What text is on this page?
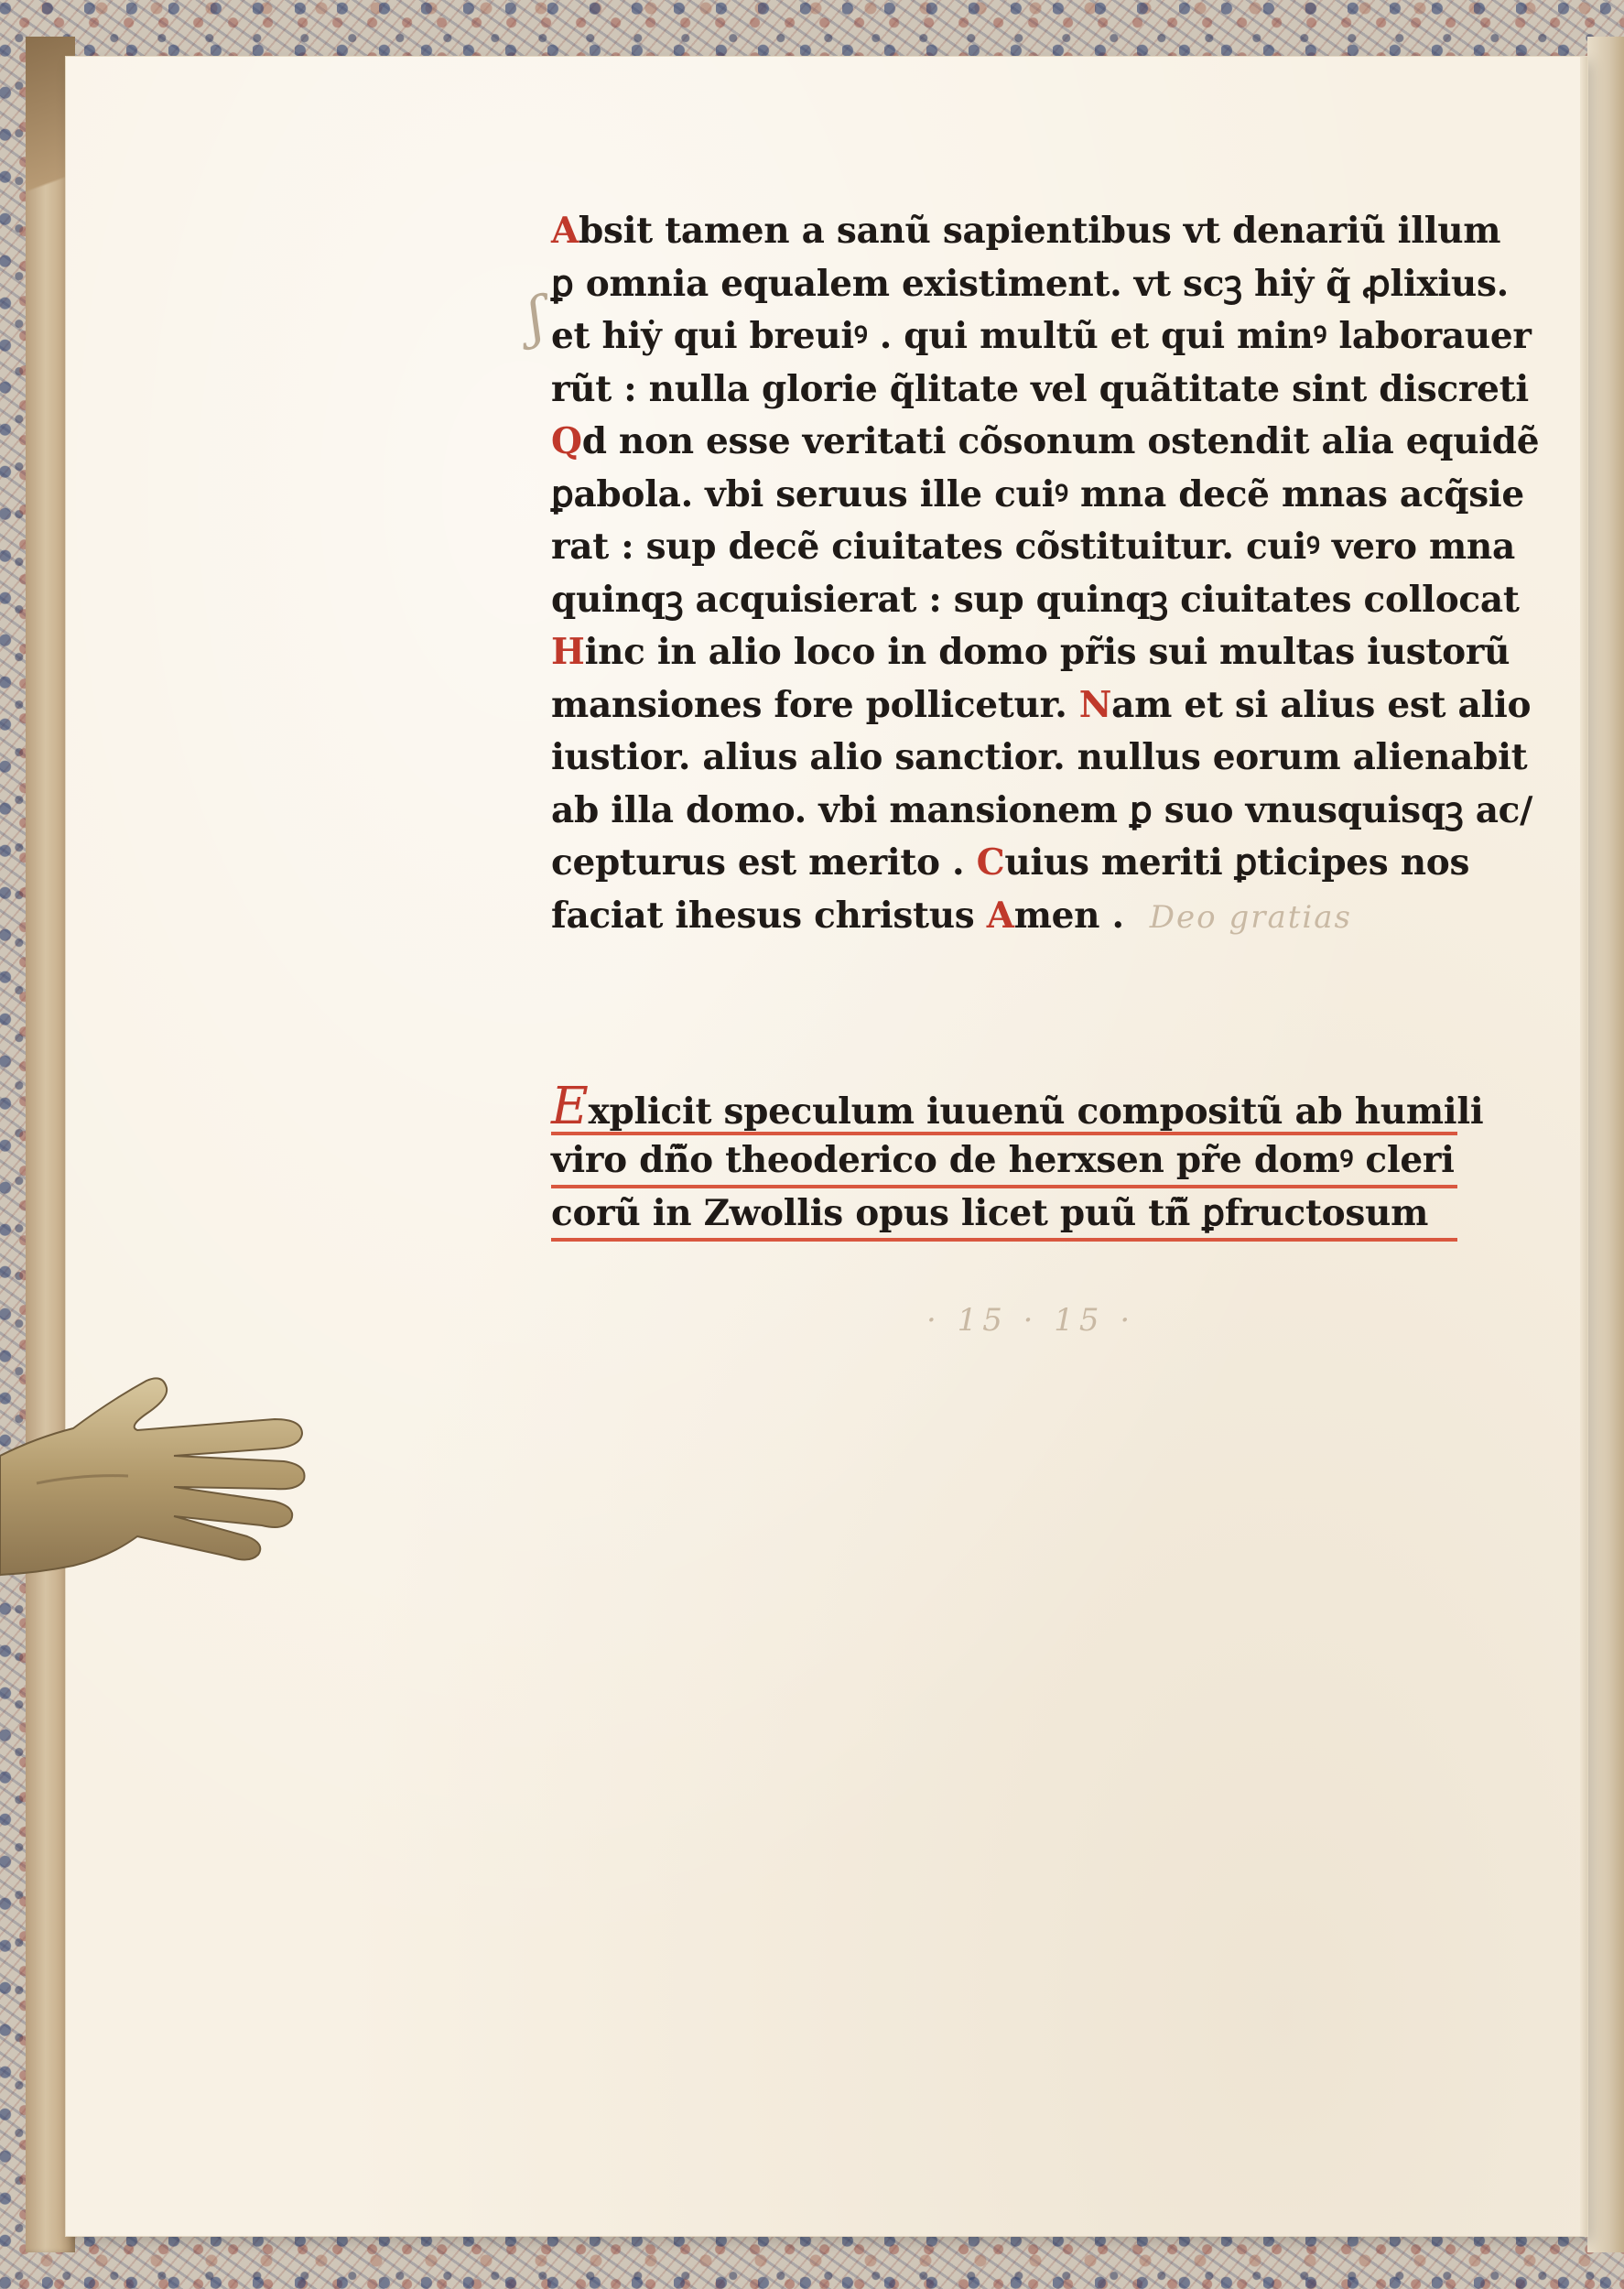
ʃ
Absit tamen a sanũ sapientibus vt denariũ illum
ꝑ omnia equalem existiment. vt scꝫ hiẏ q̃ ꝓlixius.
et hiẏ qui breuiꝰ . qui multũ et qui minꝰ laborauer
rũt : nulla glorie q̃litate vel quãtitate sint discreti
Qd non esse veritati cõsonum ostendit alia equidẽ
ꝑabola. vbi seruus ille cuiꝰ mna decẽ mnas acq̃sie
rat : sup decẽ ciuitates cõstituitur. cuiꝰ vero mna
quinqꝫ acquisierat : sup quinqꝫ ciuitates collocat
Hinc in alio loco in domo pr̃is sui multas iustorũ
mansiones fore pollicetur. Nam et si alius est alio
iustior. alius alio sanctior. nullus eorum alienabit
ab illa domo. vbi mansionem ꝑ suo vnusquisqꝫ ac/
cepturus est merito . Cuius meriti ꝑticipes nos
faciat ihesus christus Amen . Deo gratias
Explicit speculum iuuenũ compositũ ab humili
viro dñ̃o theoderico de herxsen pr̃e domꝰ cleri
corũ in Zwollis opus licet puũ tñ̃ ꝑfructosum
· 15 · 15 ·
